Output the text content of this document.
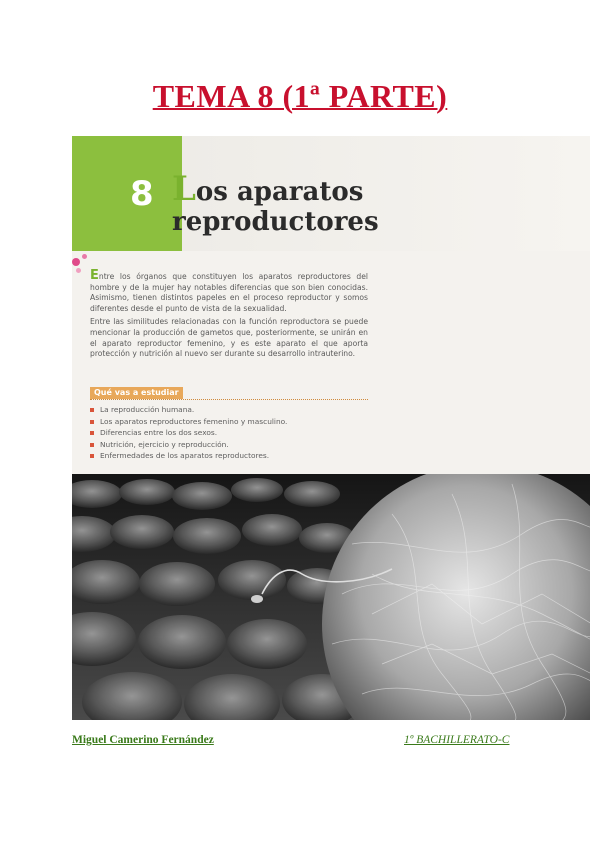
TEMA 8 (1ª PARTE)
8 Los aparatos
reproductores

Entre los órganos que constituyen los aparatos reproductores del hombre y de la mujer hay notables diferencias que son bien conocidas. Asimismo, tienen distintos papeles en el proceso reproductor y somos diferentes desde el punto de vista de la sexualidad.

Entre las similitudes relacionadas con la función reproductora se puede mencionar la producción de gametos que, posteriormente, se unirán en el aparato reproductor femenino, y es este aparato el que aporta protección y nutrición al nuevo ser durante su desarrollo intrauterino.

Qué vas a estudiar
La reproducción humana.
Los aparatos reproductores femenino y masculino.
Diferencias entre los dos sexos.
Nutrición, ejercicio y reproducción.
Enfermedades de los aparatos reproductores.
Miguel Camerino Fernández	1º BACHILLERATO-C
